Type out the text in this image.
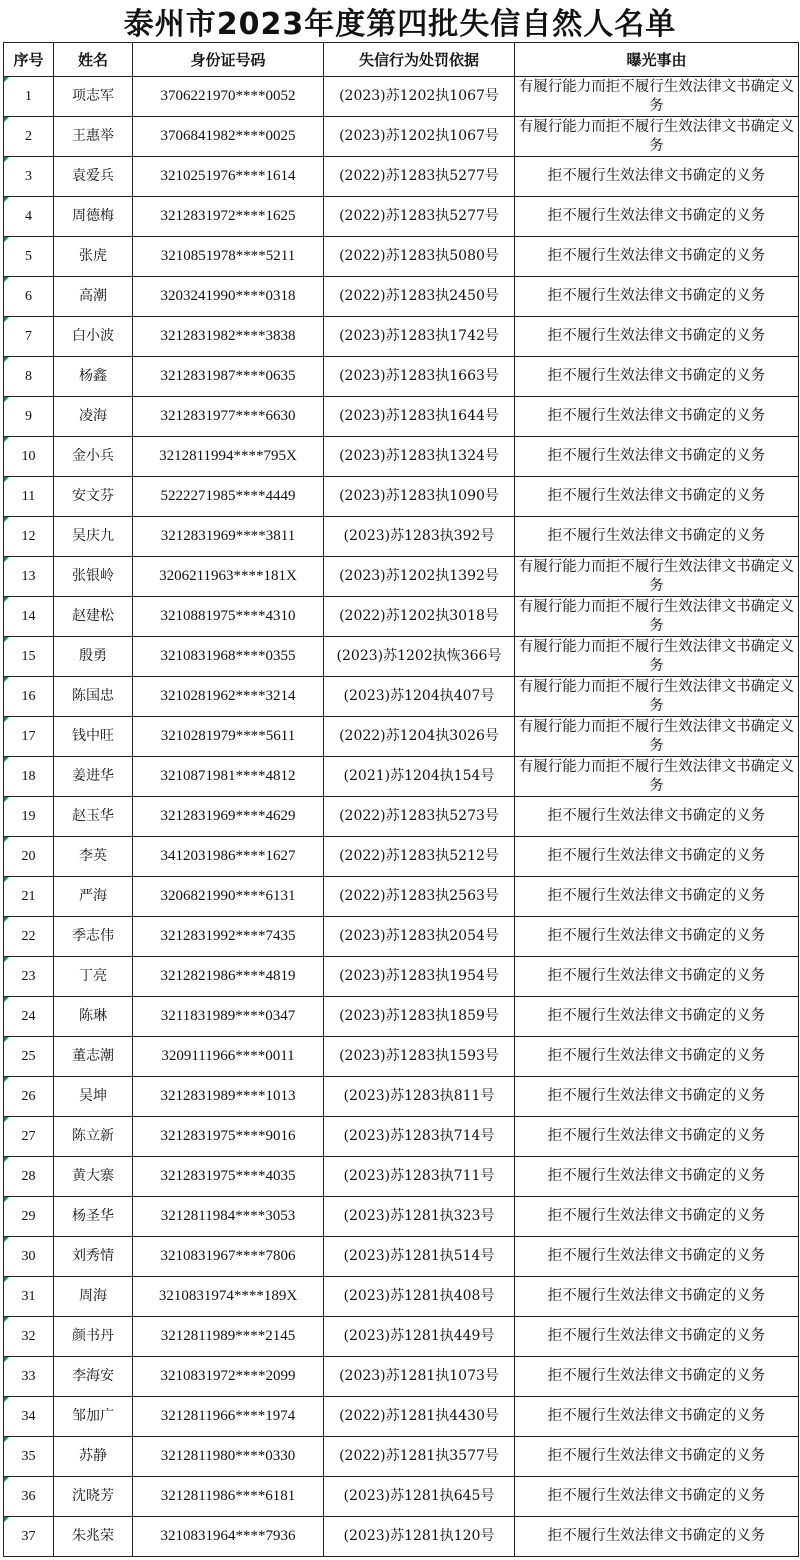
泰州市2023年度第四批失信自然人名单
序号	姓名	身份证号码	失信行为处罚依据	曝光事由
1	项志军	3706221970****0052	(2023)苏1202执1067号	有履行能力而拒不履行生效法律文书确定义务
2	王惠举	3706841982****0025	(2023)苏1202执1067号	有履行能力而拒不履行生效法律文书确定义务
3	袁爱兵	3210251976****1614	(2022)苏1283执5277号	拒不履行生效法律文书确定的义务
4	周德梅	3212831972****1625	(2022)苏1283执5277号	拒不履行生效法律文书确定的义务
5	张虎	3210851978****5211	(2022)苏1283执5080号	拒不履行生效法律文书确定的义务
6	高潮	3203241990****0318	(2022)苏1283执2450号	拒不履行生效法律文书确定的义务
7	白小波	3212831982****3838	(2023)苏1283执1742号	拒不履行生效法律文书确定的义务
8	杨鑫	3212831987****0635	(2023)苏1283执1663号	拒不履行生效法律文书确定的义务
9	凌海	3212831977****6630	(2023)苏1283执1644号	拒不履行生效法律文书确定的义务
10	金小兵	3212811994****795X	(2023)苏1283执1324号	拒不履行生效法律文书确定的义务
11	安文芬	5222271985****4449	(2023)苏1283执1090号	拒不履行生效法律文书确定的义务
12	吴庆九	3212831969****3811	(2023)苏1283执392号	拒不履行生效法律文书确定的义务
13	张银岭	3206211963****181X	(2023)苏1202执1392号	有履行能力而拒不履行生效法律文书确定义务
14	赵建松	3210881975****4310	(2022)苏1202执3018号	有履行能力而拒不履行生效法律文书确定义务
15	殷勇	3210831968****0355	(2023)苏1202执恢366号	有履行能力而拒不履行生效法律文书确定义务
16	陈国忠	3210281962****3214	(2023)苏1204执407号	有履行能力而拒不履行生效法律文书确定义务
17	钱中旺	3210281979****5611	(2022)苏1204执3026号	有履行能力而拒不履行生效法律文书确定义务
18	姜进华	3210871981****4812	(2021)苏1204执154号	有履行能力而拒不履行生效法律文书确定义务
19	赵玉华	3212831969****4629	(2022)苏1283执5273号	拒不履行生效法律文书确定的义务
20	李英	3412031986****1627	(2022)苏1283执5212号	拒不履行生效法律文书确定的义务
21	严海	3206821990****6131	(2022)苏1283执2563号	拒不履行生效法律文书确定的义务
22	季志伟	3212831992****7435	(2023)苏1283执2054号	拒不履行生效法律文书确定的义务
23	丁亮	3212821986****4819	(2023)苏1283执1954号	拒不履行生效法律文书确定的义务
24	陈琳	3211831989****0347	(2023)苏1283执1859号	拒不履行生效法律文书确定的义务
25	董志潮	3209111966****0011	(2023)苏1283执1593号	拒不履行生效法律文书确定的义务
26	吴坤	3212831989****1013	(2023)苏1283执811号	拒不履行生效法律文书确定的义务
27	陈立新	3212831975****9016	(2023)苏1283执714号	拒不履行生效法律文书确定的义务
28	黄大寨	3212831975****4035	(2023)苏1283执711号	拒不履行生效法律文书确定的义务
29	杨圣华	3212811984****3053	(2023)苏1281执323号	拒不履行生效法律文书确定的义务
30	刘秀情	3210831967****7806	(2023)苏1281执514号	拒不履行生效法律文书确定的义务
31	周海	3210831974****189X	(2023)苏1281执408号	拒不履行生效法律文书确定的义务
32	颜书丹	3212811989****2145	(2023)苏1281执449号	拒不履行生效法律文书确定的义务
33	李海安	3210831972****2099	(2023)苏1281执1073号	拒不履行生效法律文书确定的义务
34	邹加广	3212811966****1974	(2022)苏1281执4430号	拒不履行生效法律文书确定的义务
35	苏静	3212811980****0330	(2022)苏1281执3577号	拒不履行生效法律文书确定的义务
36	沈晓芳	3212811986****6181	(2023)苏1281执645号	拒不履行生效法律文书确定的义务
37	朱兆荣	3210831964****7936	(2023)苏1281执120号	拒不履行生效法律文书确定的义务
